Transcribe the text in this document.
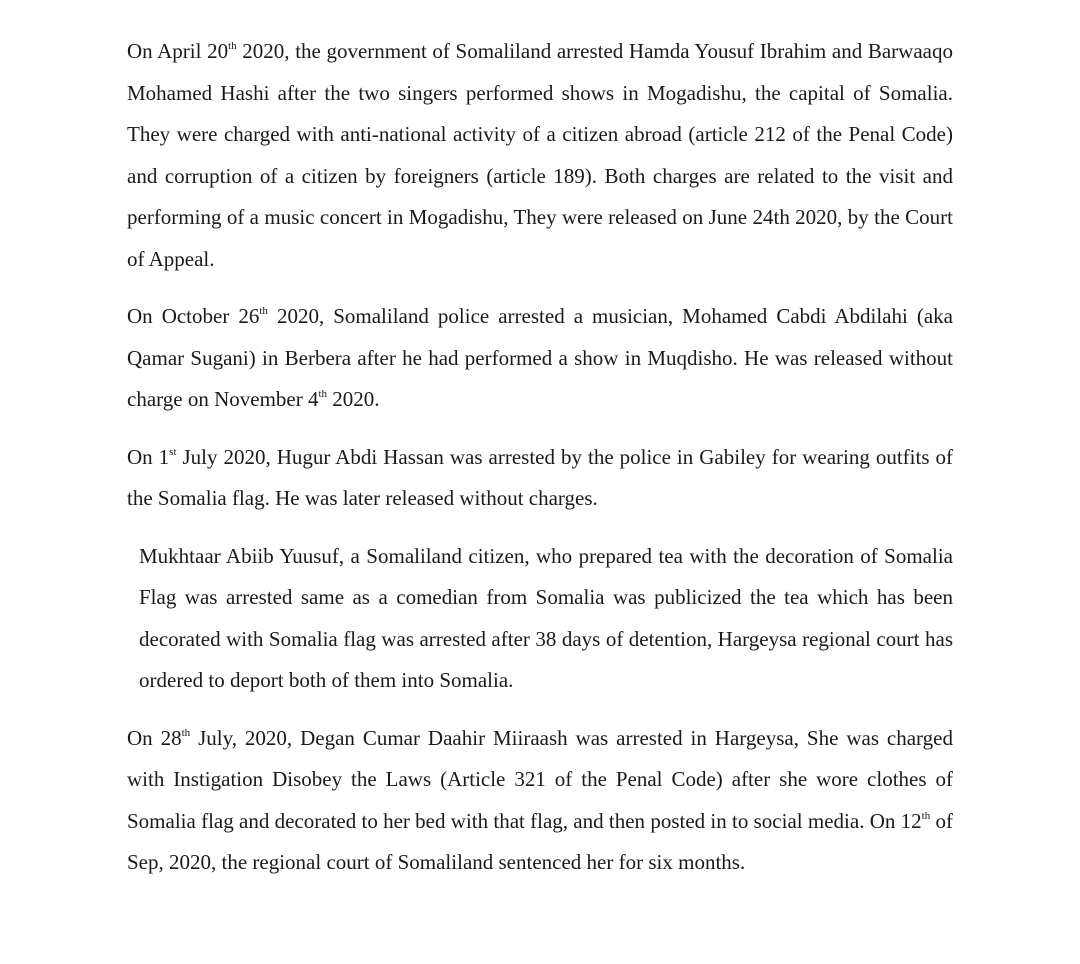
On April 20th 2020, the government of Somaliland arrested Hamda Yousuf Ibrahim and Barwaaqo Mohamed Hashi after the two singers performed shows in Mogadishu, the capital of Somalia. They were charged with anti-national activity of a citizen abroad (article 212 of the Penal Code) and corruption of a citizen by foreigners (article 189). Both charges are related to the visit and performing of a music concert in Mogadishu, They were released on June 24th 2020, by the Court of Appeal.

On October 26th 2020, Somaliland police arrested a musician, Mohamed Cabdi Abdilahi (aka Qamar Sugani) in Berbera after he had performed a show in Muqdisho. He was released without charge on November 4th 2020.

On 1st July 2020, Hugur Abdi Hassan was arrested by the police in Gabiley for wearing outfits of the Somalia flag. He was later released without charges.

Mukhtaar Abiib Yuusuf, a Somaliland citizen, who prepared tea with the decoration of Somalia Flag was arrested same as a comedian from Somalia was publicized the tea which has been decorated with Somalia flag was arrested after 38 days of detention, Hargeysa regional court has ordered to deport both of them into Somalia.

On 28th July, 2020, Degan Cumar Daahir Miiraash was arrested in Hargeysa, She was charged with Instigation Disobey the Laws (Article 321 of the Penal Code) after she wore clothes of Somalia flag and decorated to her bed with that flag, and then posted in to social media. On 12th of Sep, 2020, the regional court of Somaliland sentenced her for six months.
